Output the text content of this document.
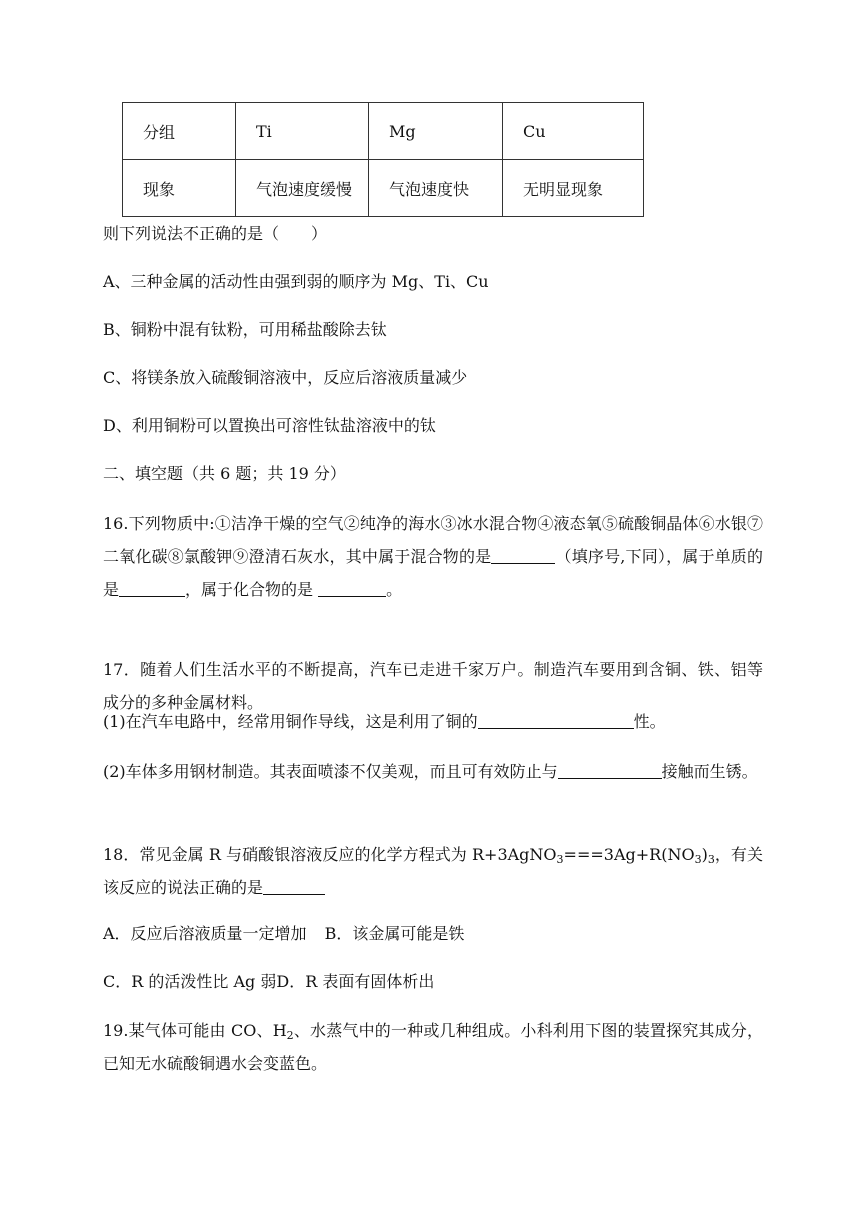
分组	Ti	Mg	Cu
现象	气泡速度缓慢	气泡速度快	无明显现象
则下列说法不正确的是（　　）
A、三种金属的活动性由强到弱的顺序为 Mg、Ti、Cu
B、铜粉中混有钛粉，可用稀盐酸除去钛
C、将镁条放入硫酸铜溶液中，反应后溶液质量减少
D、利用铜粉可以置换出可溶性钛盐溶液中的钛
二、填空题（共 6 题；共 19 分）
16.下列物质中:①洁净干燥的空气②纯净的海水③冰水混合物④液态氧⑤硫酸铜晶体⑥水银⑦二氧化碳⑧氯酸钾⑨澄清石灰水，其中属于混合物的是	（填序号,下同），属于单质的是	，属于化合物的是	。
17．随着人们生活水平的不断提高，汽车已走进千家万户。制造汽车要用到含铜、铁、铝等成分的多种金属材料。
(1)在汽车电路中，经常用铜作导线，这是利用了铜的	性。
(2)车体多用钢材制造。其表面喷漆不仅美观，而且可有效防止与	接触而生锈。
18．常见金属 R 与硝酸银溶液反应的化学方程式为 $R+3AgNO_3===3Ag+R(NO_3)_3$，有关该反应的说法正确的是
A．反应后溶液质量一定增加 B．该金属可能是铁
C．R 的活泼性比 Ag 弱D．R 表面有固体析出
19.某气体可能由 CO、$H_2$、水蒸气中的一种或几种组成。小科利用下图的装置探究其成分，已知无水硫酸铜遇水会变蓝色。
